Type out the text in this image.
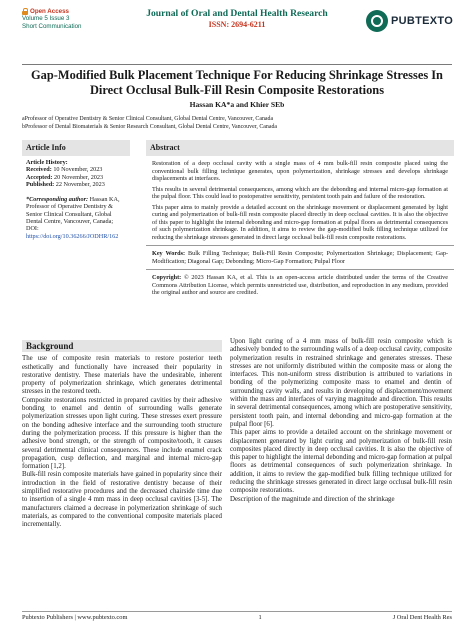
Open Access
Volume 5 Issue 3
Short Communication
Journal of Oral and Dental Health Research
ISSN: 2694-6211	PUBTEXTO
Gap-Modified Bulk Placement Technique For Reducing Shrinkage Stresses In Direct Occlusal Bulk-Fill Resin Composite Restorations
Hassan KA*a and Khier SEb
aProfessor of Operative Dentistry & Senior Clinical Consultant, Global Dental Centre, Vancouver, Canada
bProfessor of Dental Biomaterials & Senior Research Consultant, Global Dental Centre, Vancouver, Canada
Article Info
Article History:
Received: 10 November, 2023
Accepted: 20 November, 2023
Published: 22 November, 2023
*Corresponding author: Hassan KA, Professor of Operative Dentistry & Senior Clinical Consultant, Global Dental Centre, Vancouver, Canada;
DOI:
https://doi.org/10.36266/JODHR/162
Abstract

Restoration of a deep occlusal cavity with a single mass of 4 mm bulk-fill resin composite placed using the conventional bulk filling technique generates, upon polymerization, shrinkage stresses and develops shrinkage displacements at interfaces.

This results in several detrimental consequences, among which are the debonding and internal micro-gap formation at the pulpal floor. This could lead to postoperative sensitivity, persistent tooth pain and failure of the restoration.

This paper aims to mainly provide a detailed account on the shrinkage movement or displacement generated by light curing and polymerization of bulk-fill resin composite placed directly in deep occlusal cavities. It is also the objective of this paper to highlight the internal debonding and micro-gap formation at pulpal floors as detrimental consequences of such polymerization shrinkage. In addition, it aims to review the gap-modified bulk filling technique utilized for reducing the shrinkage stresses generated in direct large occlusal bulk-fill resin composite restorations.

Key Words: Bulk Filling Technique; Bulk-Fill Resin Composite; Polymerization Shrinkage; Displacement; Gap-Modification; Diagonal Gap; Debonding; Micro-Gap Formation; Pulpal Floor
Copyright: © 2023 Hassan KA, et al. This is an open-access article distributed under the terms of the Creative Commons Attribution License, which permits unrestricted use, distribution, and reproduction in any medium, provided the original author and source are credited.
Background

The use of composite resin materials to restore posterior teeth esthetically and functionally have increased their popularity in restorative dentistry. These materials have the undesirable, inherent property of polymerization shrinkage, which generates detrimental stresses in the restored teeth.

Composite restorations restricted in prepared cavities by their adhesive bonding to enamel and dentin of surrounding walls generate polymerization stresses upon light curing. These stresses exert pressure on the bonding adhesive interface and the surrounding tooth structure during the polymerization process. If this pressure is higher than the adhesive bond strength, or the strength of composite/tooth, it causes several detrimental clinical consequences. These include enamel crack propagation, cusp deflection, and marginal and internal micro-gap formation [1,2].

Bulk-fill resin composite materials have gained in popularity since their introduction in the field of restorative dentistry because of their simplified restorative procedures and the decreased chairside time due to insertion of a single 4 mm mass in deep occlusal cavities [3-5]. The manufacturers claimed a decrease in polymerization shrinkage of such materials, as compared to the conventional composite materials placed incrementally.

Upon light curing of a 4 mm mass of bulk-fill resin composite which is adhesively bonded to the surrounding walls of a deep occlusal cavity, composite polymerization results in restrained shrinkage and generates stresses. These stresses are not uniformly distributed within the composite mass or along the interfaces. This non-uniform stress distribution is attributed to variations in bonding of the polymerizing composite mass to enamel and dentin of surrounding cavity walls, and results in developing of displacement/movement within the mass and interfaces of varying magnitude and direction. This results in several detrimental consequences, among which are postoperative sensitivity, persistent tooth pain, and internal debonding and micro-gap formation at the pulpal floor [6].

This paper aims to provide a detailed account on the shrinkage movement or displacement generated by light curing and polymerization of bulk-fill resin composites placed directly in deep occlusal cavities. It is also the objective of this paper to highlight the internal debonding and micro-gap formation at pulpal floors as detrimental consequences of such polymerization shrinkage. In addition, it aims to review the gap-modified bulk filling technique utilized for reducing the shrinkage stresses generated in direct large occlusal bulk-fill resin composite restorations.

Description of the magnitude and direction of the shrinkage

Pubtexto Publishers | www.pubtexto.com	1	J Oral Dent Health Res
